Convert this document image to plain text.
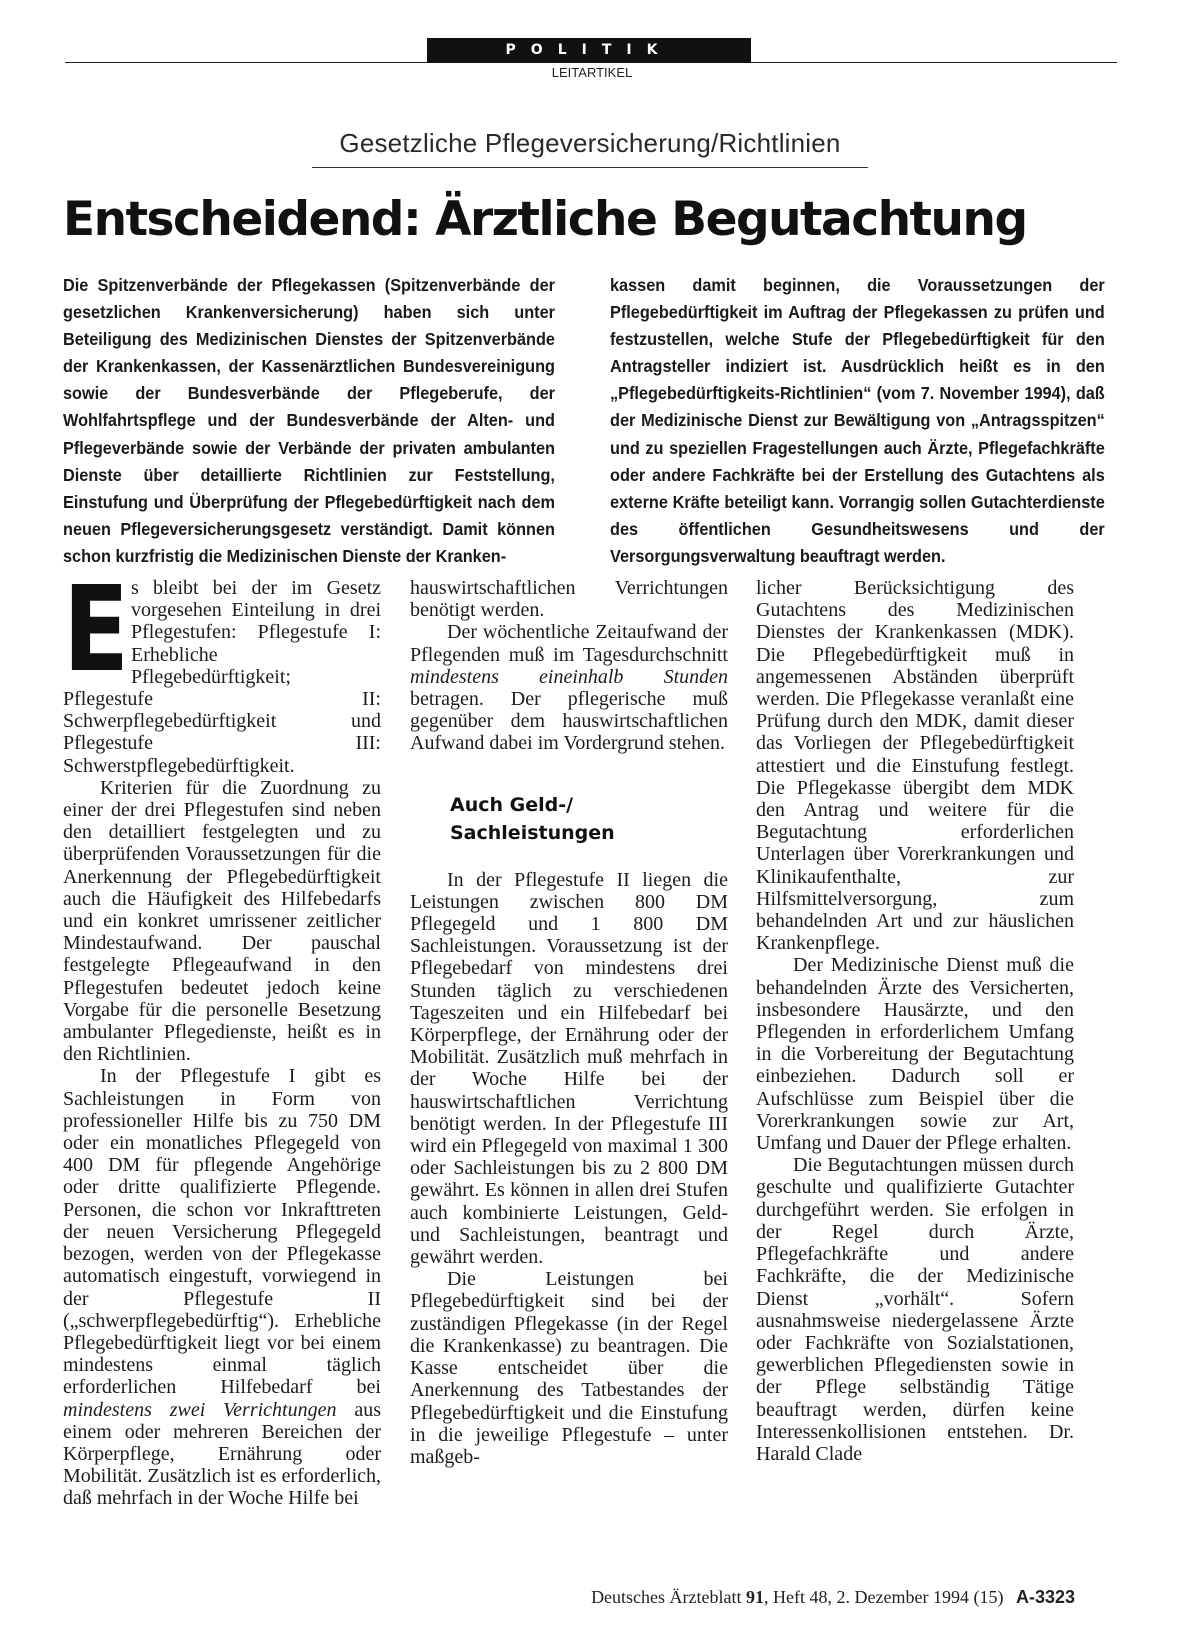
POLITIK
LEITARTIKEL
Gesetzliche Pflegeversicherung/Richtlinien
Entscheidend: Ärztliche Begutachtung

Die Spitzenverbände der Pflegekassen (Spitzenverbände der gesetzlichen Krankenversicherung) haben sich unter Beteiligung des Medizinischen Dienstes der Spitzenverbände der Krankenkassen, der Kassenärztlichen Bundesvereinigung sowie der Bundesverbände der Pflegeberufe, der Wohlfahrtspflege und der Bundesverbände der Alten- und Pflegeverbände sowie der Verbände der privaten ambulanten Dienste über detaillierte Richtlinien zur Feststellung, Einstufung und Überprüfung der Pflegebedürftigkeit nach dem neuen Pflegeversicherungsgesetz verständigt. Damit können schon kurzfristig die Medizinischen Dienste der Kranken-

kassen damit beginnen, die Voraussetzungen der Pflegebedürftigkeit im Auftrag der Pflegekassen zu prüfen und festzustellen, welche Stufe der Pflegebedürftigkeit für den Antragsteller indiziert ist. Ausdrücklich heißt es in den „Pflegebedürftigkeits-Richtlinien“ (vom 7. November 1994), daß der Medizinische Dienst zur Bewältigung von „Antragsspitzen“ und zu speziellen Fragestellungen auch Ärzte, Pflegefachkräfte oder andere Fachkräfte bei der Erstellung des Gutachtens als externe Kräfte beteiligt kann. Vorrangig sollen Gutachterdienste des öffentlichen Gesundheitswesens und der Versorgungsverwaltung beauftragt werden.

E s bleibt bei der im Gesetz vorgesehen Einteilung in drei Pflegestufen: Pflegestufe I: Erhebliche Pflegebedürftigkeit; Pflegestufe II: Schwerpflegebedürftigkeit und Pflegestufe III: Schwerstpflegebedürftigkeit.

Kriterien für die Zuordnung zu einer der drei Pflegestufen sind neben den detailliert festgelegten und zu überprüfenden Voraussetzungen für die Anerkennung der Pflegebedürftigkeit auch die Häufigkeit des Hilfebedarfs und ein konkret umrissener zeitlicher Mindestaufwand. Der pauschal festgelegte Pflegeaufwand in den Pflegestufen bedeutet jedoch keine Vorgabe für die personelle Besetzung ambulanter Pflegedienste, heißt es in den Richtlinien.

In der Pflegestufe I gibt es Sachleistungen in Form von professioneller Hilfe bis zu 750 DM oder ein monatliches Pflegegeld von 400 DM für pflegende Angehörige oder dritte qualifizierte Pflegende. Personen, die schon vor Inkrafttreten der neuen Versicherung Pflegegeld bezogen, werden von der Pflegekasse automatisch eingestuft, vorwiegend in der Pflegestufe II („schwerpflegebedürftig“). Erhebliche Pflegebedürftigkeit liegt vor bei einem mindestens einmal täglich erforderlichen Hilfebedarf bei mindestens zwei Verrichtungen aus einem oder mehreren Bereichen der Körperpflege, Ernährung oder Mobilität. Zusätzlich ist es erforderlich, daß mehrfach in der Woche Hilfe bei

hauswirtschaftlichen Verrichtungen benötigt werden.

Der wöchentliche Zeitaufwand der Pflegenden muß im Tagesdurchschnitt mindestens eineinhalb Stunden betragen. Der pflegerische muß gegenüber dem hauswirtschaftlichen Aufwand dabei im Vordergrund stehen.

Auch Geld-/
Sachleistungen

In der Pflegestufe II liegen die Leistungen zwischen 800 DM Pflegegeld und 1 800 DM Sachleistungen. Voraussetzung ist der Pflegebedarf von mindestens drei Stunden täglich zu verschiedenen Tageszeiten und ein Hilfebedarf bei Körperpflege, der Ernährung oder der Mobilität. Zusätzlich muß mehrfach in der Woche Hilfe bei der hauswirtschaftlichen Verrichtung benötigt werden. In der Pflegestufe III wird ein Pflegegeld von maximal 1 300 oder Sachleistungen bis zu 2 800 DM gewährt. Es können in allen drei Stufen auch kombinierte Leistungen, Geld- und Sachleistungen, beantragt und gewährt werden.

Die Leistungen bei Pflegebedürftigkeit sind bei der zuständigen Pflegekasse (in der Regel die Krankenkasse) zu beantragen. Die Kasse entscheidet über die Anerkennung des Tatbestandes der Pflegebedürftigkeit und die Einstufung in die jeweilige Pflegestufe – unter maßgeb-

licher Berücksichtigung des Gutachtens des Medizinischen Dienstes der Krankenkassen (MDK). Die Pflegebedürftigkeit muß in angemessenen Abständen überprüft werden. Die Pflegekasse veranlaßt eine Prüfung durch den MDK, damit dieser das Vorliegen der Pflegebedürftigkeit attestiert und die Einstufung festlegt. Die Pflegekasse übergibt dem MDK den Antrag und weitere für die Begutachtung erforderlichen Unterlagen über Vorerkrankungen und Klinikaufenthalte, zur Hilfsmittelversorgung, zum behandelnden Art und zur häuslichen Krankenpflege.

Der Medizinische Dienst muß die behandelnden Ärzte des Versicherten, insbesondere Hausärzte, und den Pflegenden in erforderlichem Umfang in die Vorbereitung der Begutachtung einbeziehen. Dadurch soll er Aufschlüsse zum Beispiel über die Vorerkrankungen sowie zur Art, Umfang und Dauer der Pflege erhalten.

Die Begutachtungen müssen durch geschulte und qualifizierte Gutachter durchgeführt werden. Sie erfolgen in der Regel durch Ärzte, Pflegefachkräfte und andere Fachkräfte, die der Medizinische Dienst „vorhält“. Sofern ausnahmsweise niedergelassene Ärzte oder Fachkräfte von Sozialstationen, gewerblichen Pflegediensten sowie in der Pflege selbständig Tätige beauftragt werden, dürfen keine Interessenkollisionen entstehen. Dr. Harald Clade

Deutsches Ärzteblatt 91, Heft 48, 2. Dezember 1994 (15) A-3323
